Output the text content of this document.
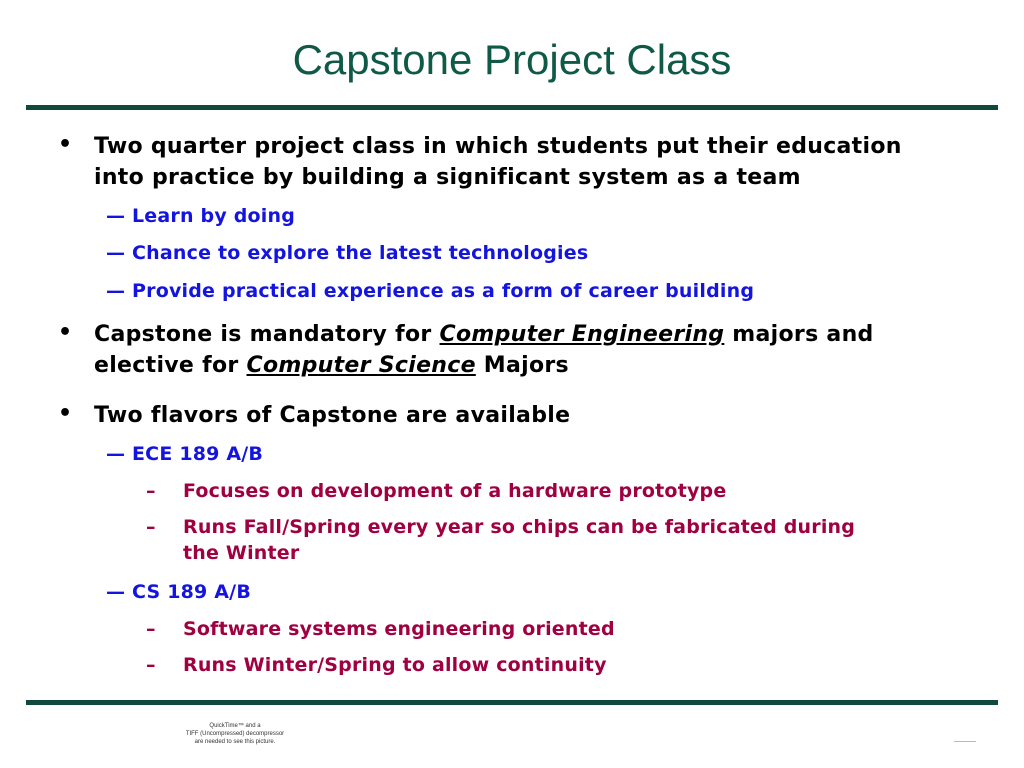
Capstone Project Class
• Two quarter project class in which students put their education
into practice by building a significant system as a team
— Learn by doing
— Chance to explore the latest technologies
— Provide practical experience as a form of career building
• Capstone is mandatory for Computer Engineering majors and
elective for Computer Science Majors
• Two flavors of Capstone are available
— ECE 189 A/B
– Focuses on development of a hardware prototype
– Runs Fall/Spring every year so chips can be fabricated during
the Winter
— CS 189 A/B
– Software systems engineering oriented
– Runs Winter/Spring to allow continuity
QuickTime™ and a
TIFF (Uncompressed) decompressor
are needed to see this picture.
